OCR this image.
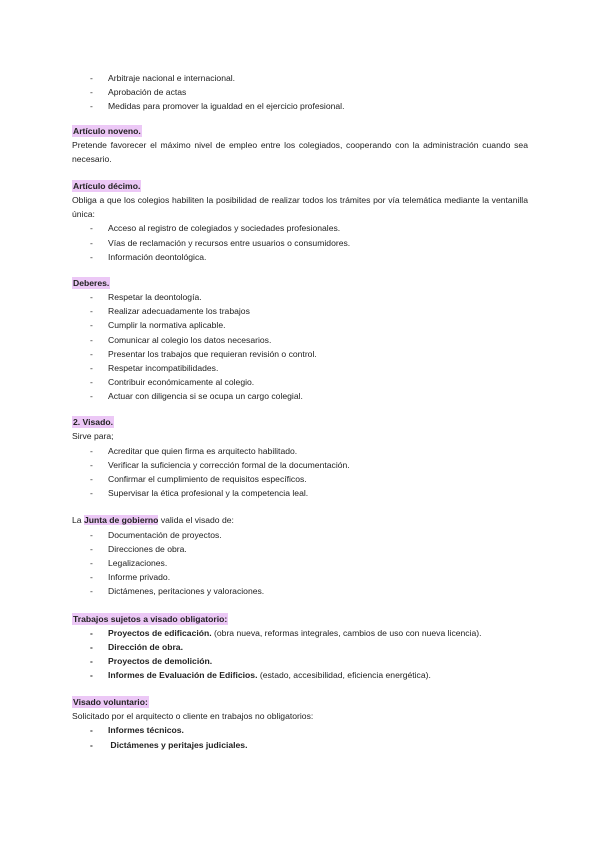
- Arbitraje nacional e internacional.
- Aprobación de actas
- Medidas para promover la igualdad en el ejercicio profesional.
Artículo noveno.
Pretende favorecer el máximo nivel de empleo entre los colegiados, cooperando con la administración cuando sea necesario.
Artículo décimo.
Obliga a que los colegios habiliten la posibilidad de realizar todos los trámites por vía telemática mediante la ventanilla única:
- Acceso al registro de colegiados y sociedades profesionales.
- Vías de reclamación y recursos entre usuarios o consumidores.
- Información deontológica.
Deberes.
- Respetar la deontología.
- Realizar adecuadamente los trabajos
- Cumplir la normativa aplicable.
- Comunicar al colegio los datos necesarios.
- Presentar los trabajos que requieran revisión o control.
- Respetar incompatibilidades.
- Contribuir económicamente al colegio.
- Actuar con diligencia si se ocupa un cargo colegial.
2. Visado.
Sirve para;
- Acreditar que quien firma es arquitecto habilitado.
- Verificar la suficiencia y corrección formal de la documentación.
- Confirmar el cumplimiento de requisitos específicos.
- Supervisar la ética profesional y la competencia leal.
La Junta de gobierno valida el visado de:
- Documentación de proyectos.
- Direcciones de obra.
- Legalizaciones.
- Informe privado.
- Dictámenes, peritaciones y valoraciones.
Trabajos sujetos a visado obligatorio:
- Proyectos de edificación. (obra nueva, reformas integrales, cambios de uso con nueva licencia).
- Dirección de obra.
- Proyectos de demolición.
- Informes de Evaluación de Edificios. (estado, accesibilidad, eficiencia energética).
Visado voluntario:
Solicitado por el arquitecto o cliente en trabajos no obligatorios:
- Informes técnicos.
- Dictámenes y peritajes judiciales.
